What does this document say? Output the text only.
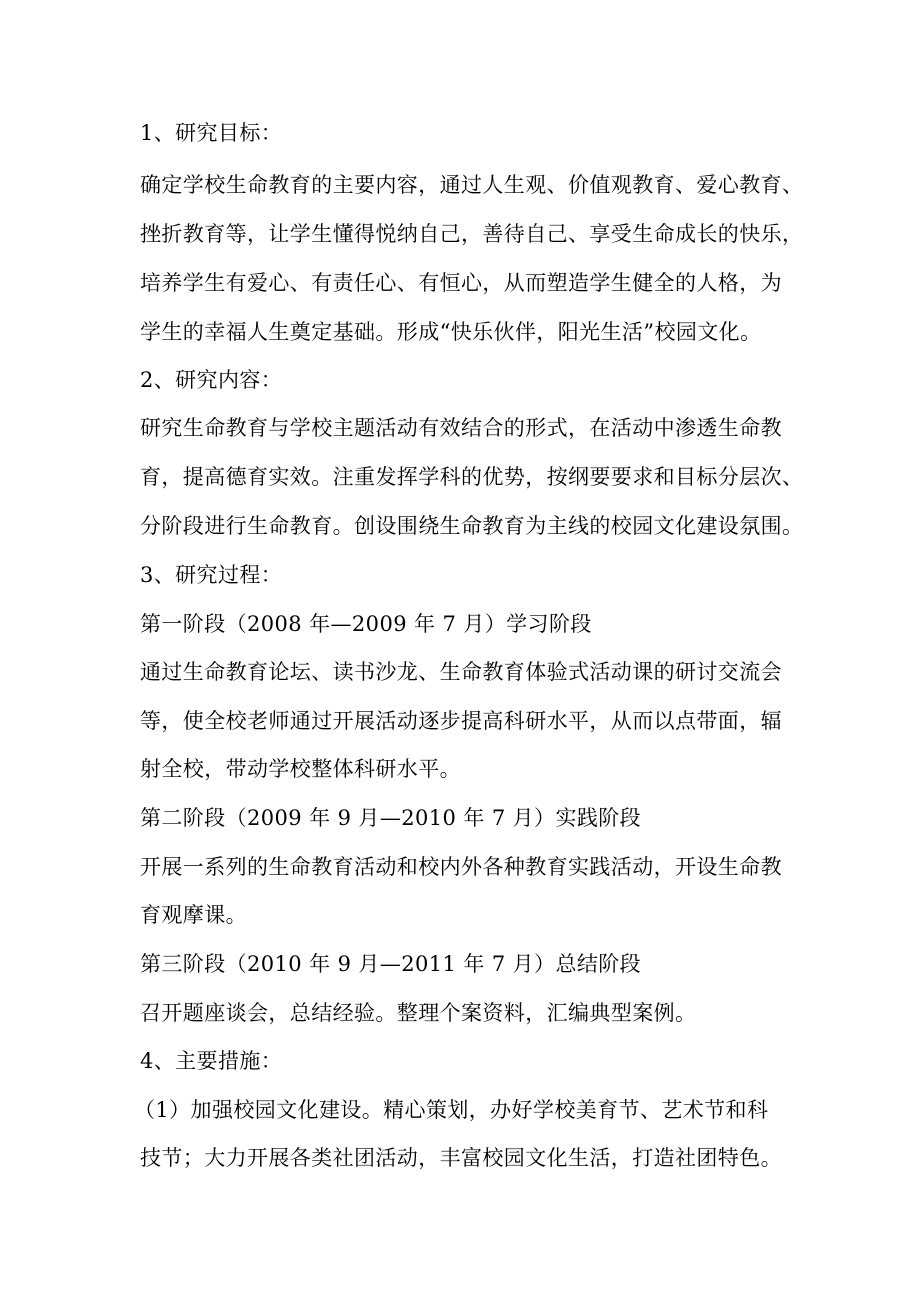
1、研究目标：
确定学校生命教育的主要内容，通过人生观、价值观教育、爱心教育、
挫折教育等，让学生懂得悦纳自己，善待自己、享受生命成长的快乐，
培养学生有爱心、有责任心、有恒心，从而塑造学生健全的人格，为
学生的幸福人生奠定基础。形成“快乐伙伴，阳光生活”校园文化。
2、研究内容：
研究生命教育与学校主题活动有效结合的形式，在活动中渗透生命教
育，提高德育实效。注重发挥学科的优势，按纲要要求和目标分层次、
分阶段进行生命教育。创设围绕生命教育为主线的校园文化建设氛围。
3、研究过程：
第一阶段（2008 年—2009 年 7 月）学习阶段
通过生命教育论坛、读书沙龙、生命教育体验式活动课的研讨交流会
等，使全校老师通过开展活动逐步提高科研水平，从而以点带面，辐
射全校，带动学校整体科研水平。
第二阶段（2009 年 9 月—2010 年 7 月）实践阶段
开展一系列的生命教育活动和校内外各种教育实践活动，开设生命教
育观摩课。
第三阶段（2010 年 9 月—2011 年 7 月）总结阶段
召开题座谈会，总结经验。整理个案资料，汇编典型案例。
4、主要措施：
（1）加强校园文化建设。精心策划，办好学校美育节、艺术节和科
技节；大力开展各类社团活动，丰富校园文化生活，打造社团特色。
